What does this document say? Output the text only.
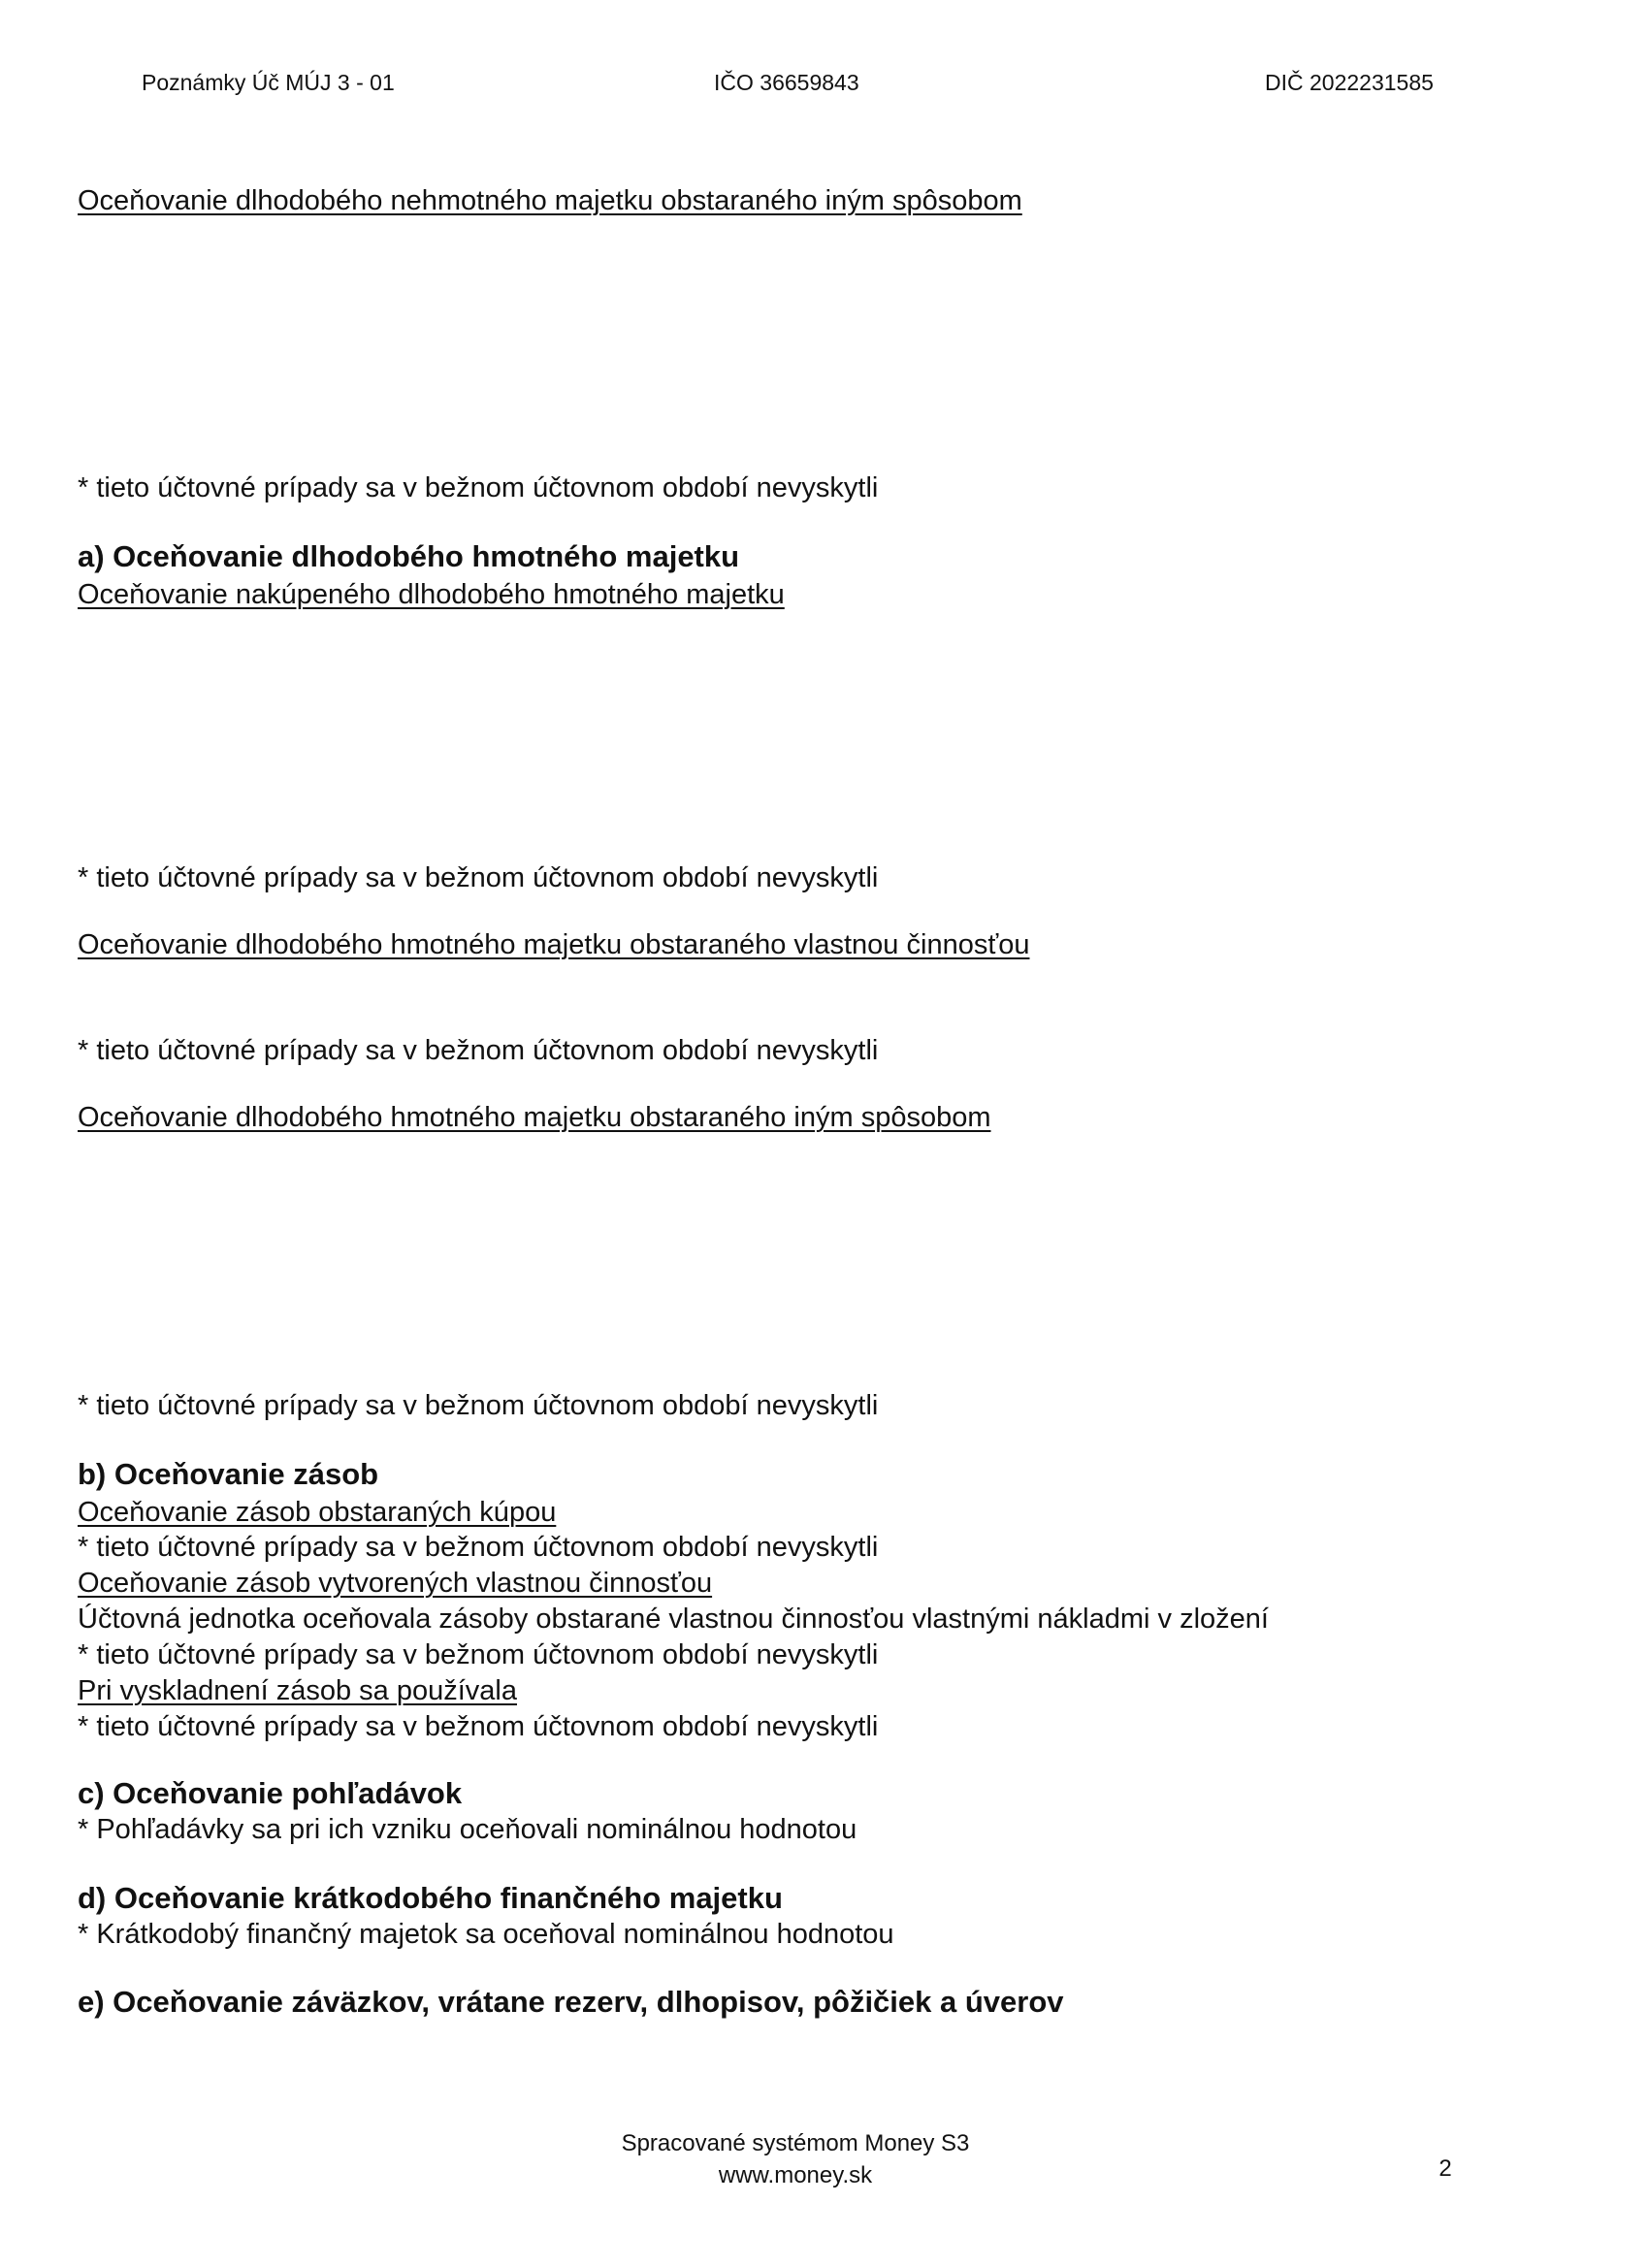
Poznámky Úč MÚJ 3 - 01	IČO 36659843	DIČ 2022231585
Oceňovanie dlhodobého nehmotného majetku obstaraného iným spôsobom
* tieto účtovné prípady sa v bežnom účtovnom období nevyskytli
a) Oceňovanie dlhodobého hmotného majetku
Oceňovanie nakúpeného dlhodobého hmotného majetku
* tieto účtovné prípady sa v bežnom účtovnom období nevyskytli
Oceňovanie dlhodobého hmotného majetku obstaraného vlastnou činnosťou
* tieto účtovné prípady sa v bežnom účtovnom období nevyskytli
Oceňovanie dlhodobého hmotného majetku obstaraného iným spôsobom
* tieto účtovné prípady sa v bežnom účtovnom období nevyskytli
b) Oceňovanie zásob
Oceňovanie zásob obstaraných kúpou
* tieto účtovné prípady sa v bežnom účtovnom období nevyskytli
Oceňovanie zásob vytvorených vlastnou činnosťou
Účtovná jednotka oceňovala zásoby obstarané vlastnou činnosťou vlastnými nákladmi v zložení
* tieto účtovné prípady sa v bežnom účtovnom období nevyskytli
Pri vyskladnení zásob sa používala
* tieto účtovné prípady sa v bežnom účtovnom období nevyskytli
c) Oceňovanie pohľadávok
* Pohľadávky sa pri ich vzniku oceňovali nominálnou hodnotou
d) Oceňovanie krátkodobého finančného majetku
* Krátkodobý finančný majetok sa oceňoval nominálnou hodnotou
e) Oceňovanie záväzkov, vrátane rezerv, dlhopisov, pôžičiek a úverov
Spracované systémom Money S3
www.money.sk	2
